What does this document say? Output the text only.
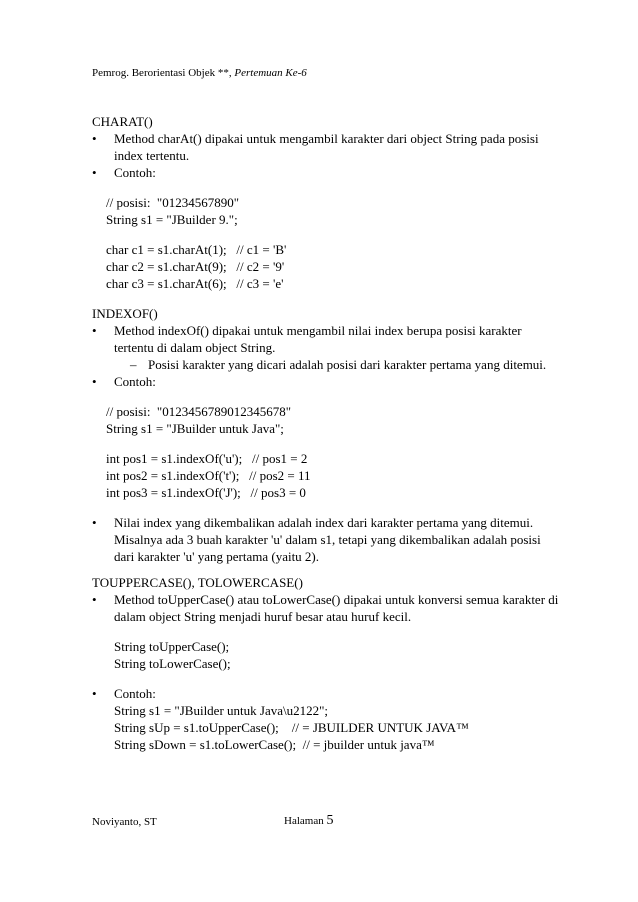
Pemrog. Berorientasi Objek **, Pertemuan Ke-6
CHARAT()
•	Method charAt() dipakai untuk mengambil karakter dari object String pada posisi
index tertentu.
•	Contoh:
// posisi:  "01234567890"
String s1 = "JBuilder 9.";
char c1 = s1.charAt(1);   // c1 = 'B'
char c2 = s1.charAt(9);   // c2 = '9'
char c3 = s1.charAt(6);   // c3 = 'e'
INDEXOF()
•	Method indexOf() dipakai untuk mengambil nilai index berupa posisi karakter
tertentu di dalam object String.
– Posisi karakter yang dicari adalah posisi dari karakter pertama yang ditemui.
•	Contoh:
// posisi:  "0123456789012345678"
String s1 = "JBuilder untuk Java";
int pos1 = s1.indexOf('u');   // pos1 = 2
int pos2 = s1.indexOf('t');   // pos2 = 11
int pos3 = s1.indexOf('J');   // pos3 = 0
•	Nilai index yang dikembalikan adalah index dari karakter pertama yang ditemui.
Misalnya ada 3 buah karakter 'u' dalam s1, tetapi yang dikembalikan adalah posisi
dari karakter 'u' yang pertama (yaitu 2).
TOUPPERCASE(), TOLOWERCASE()
•	Method toUpperCase() atau toLowerCase() dipakai untuk konversi semua karakter di
dalam object String menjadi huruf besar atau huruf kecil.
String toUpperCase();
String toLowerCase();
•	Contoh:
String s1 = "JBuilder untuk Java\u2122";
String sUp = s1.toUpperCase();    // = JBUILDER UNTUK JAVA™
String sDown = s1.toLowerCase();  // = jbuilder untuk java™
Noviyanto, ST	Halaman 5
